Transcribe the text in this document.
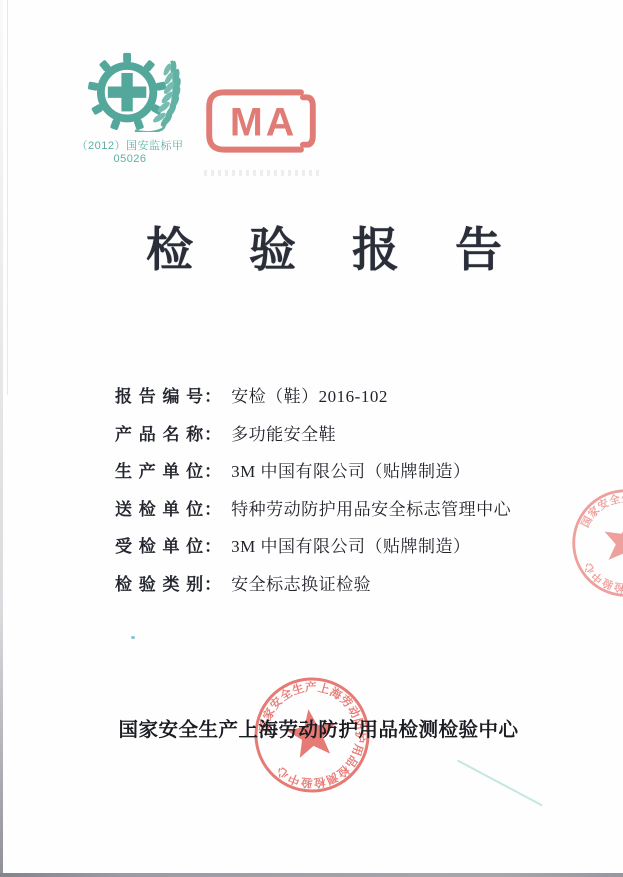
（2012）国安监标甲05026
MA
检验报告
报 告 编 号： 安检（鞋）2016-102
产 品 名 称： 多功能安全鞋
生 产 单 位： 3M 中国有限公司（贴牌制造）
送 检 单 位： 特种劳动防护用品安全标志管理中心
受 检 单 位： 3M 中国有限公司（贴牌制造）
检 验 类 别： 安全标志换证检验
国家安全生产上海劳动防护用品检测检验中心
